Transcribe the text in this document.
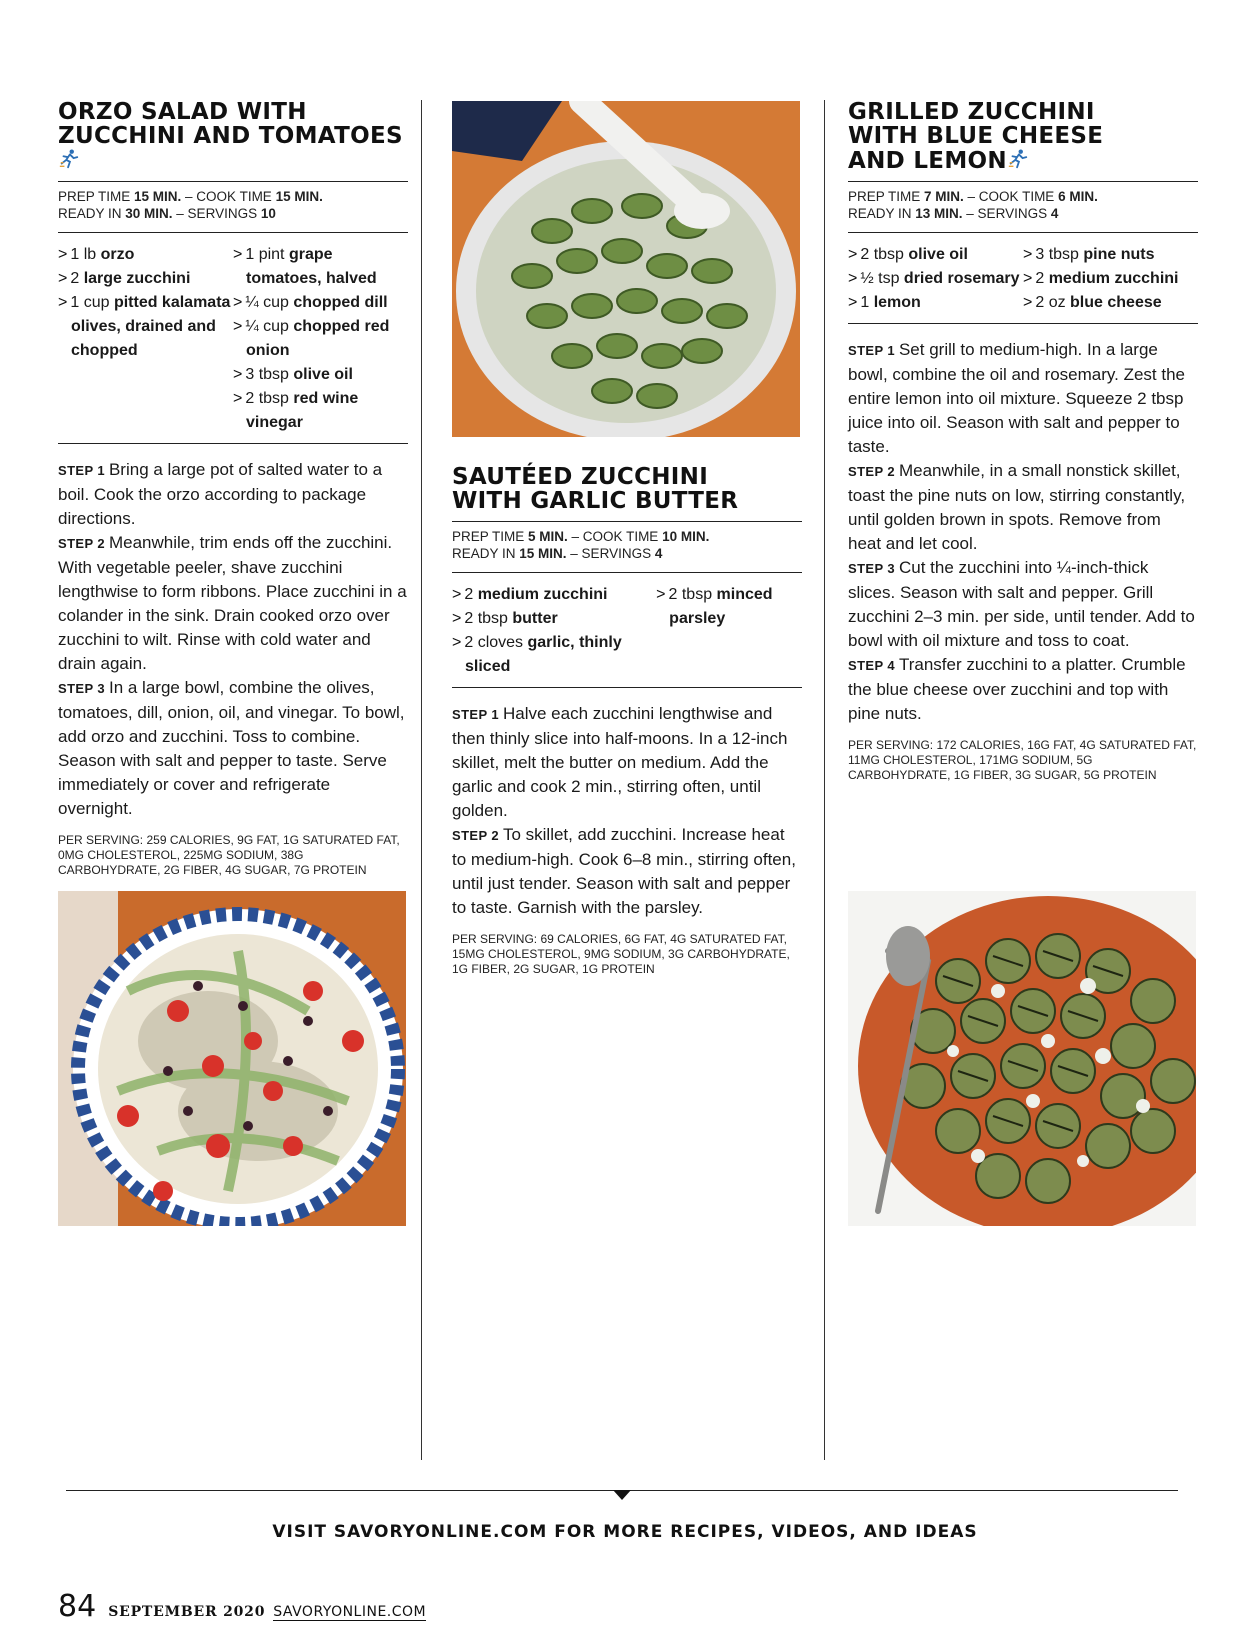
ORZO SALAD WITH
ZUCCHINI AND TOMATOES
PREP TIME 15 MIN. – COOK TIME 15 MIN.
READY IN 30 MIN. – SERVINGS 10
> 1 lb orzo
> 2 large zucchini
> 1 cup pitted kalamata olives, drained and chopped
> 1 pint grape tomatoes, halved
> ¼ cup chopped dill
> ¼ cup chopped red onion
> 3 tbsp olive oil
> 2 tbsp red wine vinegar
STEP 1 Bring a large pot of salted water to a boil. Cook the orzo according to package directions.
STEP 2 Meanwhile, trim ends off the zucchini. With vegetable peeler, shave zucchini lengthwise to form ribbons. Place zucchini in a colander in the sink. Drain cooked orzo over zucchini to wilt. Rinse with cold water and drain again.
STEP 3 In a large bowl, combine the olives, tomatoes, dill, onion, oil, and vinegar. To bowl, add orzo and zucchini. Toss to combine. Season with salt and pepper to taste. Serve immediately or cover and refrigerate overnight.
PER SERVING: 259 CALORIES, 9G FAT, 1G SATURATED FAT, 0MG CHOLESTEROL, 225MG SODIUM, 38G CARBOHYDRATE, 2G FIBER, 4G SUGAR, 7G PROTEIN
SAUTÉED ZUCCHINI
WITH GARLIC BUTTER
PREP TIME 5 MIN. – COOK TIME 10 MIN.
READY IN 15 MIN. – SERVINGS 4
> 2 medium zucchini
> 2 tbsp butter
> 2 cloves garlic, thinly sliced
> 2 tbsp minced parsley
STEP 1 Halve each zucchini lengthwise and then thinly slice into half-moons. In a 12-inch skillet, melt the butter on medium. Add the garlic and cook 2 min., stirring often, until golden.
STEP 2 To skillet, add zucchini. Increase heat to medium-high. Cook 6–8 min., stirring often, until just tender. Season with salt and pepper to taste. Garnish with the parsley.
PER SERVING: 69 CALORIES, 6G FAT, 4G SATURATED FAT, 15MG CHOLESTEROL, 9MG SODIUM, 3G CARBOHYDRATE, 1G FIBER, 2G SUGAR, 1G PROTEIN
GRILLED ZUCCHINI
WITH BLUE CHEESE
AND LEMON
PREP TIME 7 MIN. – COOK TIME 6 MIN.
READY IN 13 MIN. – SERVINGS 4
> 2 tbsp olive oil
> ½ tsp dried rosemary
> 1 lemon
> 3 tbsp pine nuts
> 2 medium zucchini
> 2 oz blue cheese
STEP 1 Set grill to medium-high. In a large bowl, combine the oil and rosemary. Zest the entire lemon into oil mixture. Squeeze 2 tbsp juice into oil. Season with salt and pepper to taste.
STEP 2 Meanwhile, in a small nonstick skillet, toast the pine nuts on low, stirring constantly, until golden brown in spots. Remove from heat and let cool.
STEP 3 Cut the zucchini into ¼-inch-thick slices. Season with salt and pepper. Grill zucchini 2–3 min. per side, until tender. Add to bowl with oil mixture and toss to coat.
STEP 4 Transfer zucchini to a platter. Crumble the blue cheese over zucchini and top with pine nuts.
PER SERVING: 172 CALORIES, 16G FAT, 4G SATURATED FAT, 11MG CHOLESTEROL, 171MG SODIUM, 5G CARBOHYDRATE, 1G FIBER, 3G SUGAR, 5G PROTEIN
VISIT SAVORYONLINE.COM FOR MORE RECIPES, VIDEOS, AND IDEAS
84 SEPTEMBER 2020 SAVORYONLINE.COM
